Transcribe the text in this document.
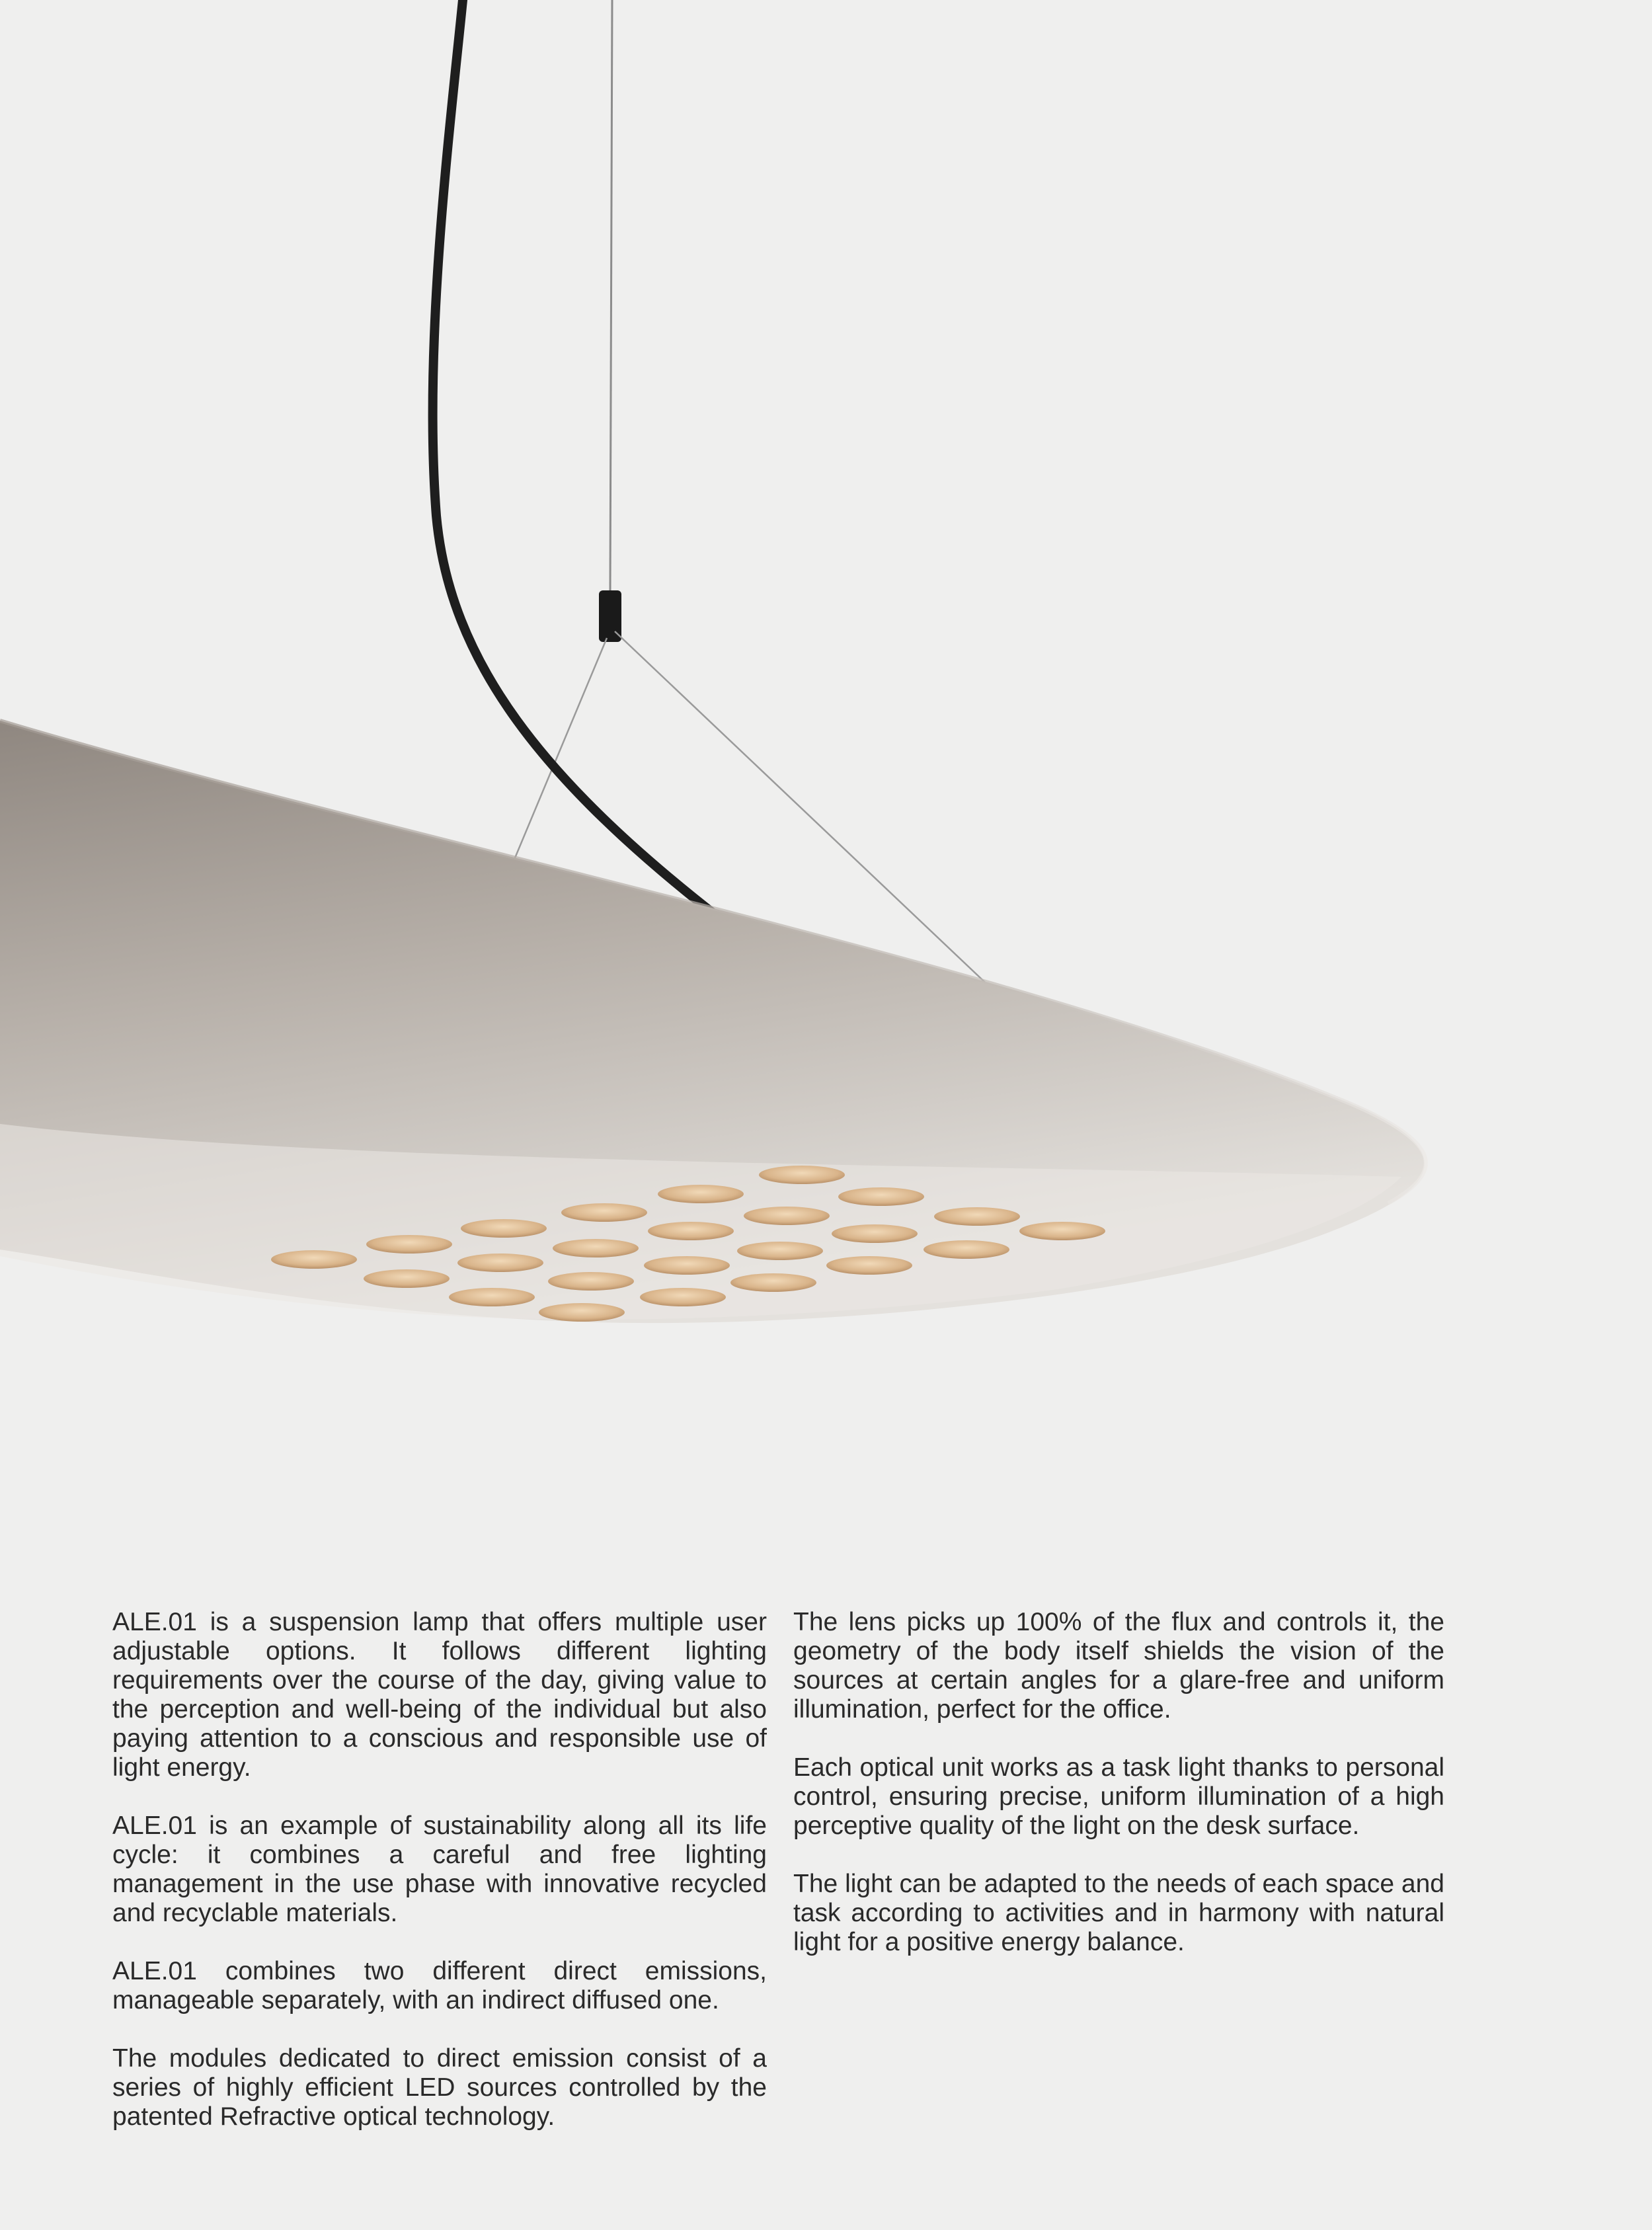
ALE.01 is a suspension lamp that offers multiple user adjustable options. It follows different lighting requirements over the course of the day, giving value to the perception and well-being of the individual but also paying attention to a conscious and responsible use of light energy.

ALE.01 is an example of sustainability along all its life cycle: it combines a careful and free lighting management in the use phase with innovative recycled and recyclable materials.

ALE.01 combines two different direct emissions, manageable separately, with an indirect diffused one.

The modules dedicated to direct emission consist of a series of highly efficient LED sources controlled by the patented Refractive optical technology.

The lens picks up 100% of the flux and controls it, the geometry of the body itself shields the vision of the sources at certain angles for a glare-free and uniform illumination, perfect for the office.

Each optical unit works as a task light thanks to personal control, ensuring precise, uniform illumination of a high perceptive quality of the light on the desk surface.

The light can be adapted to the needs of each space and task according to activities and in harmony with natural light for a positive energy balance.
